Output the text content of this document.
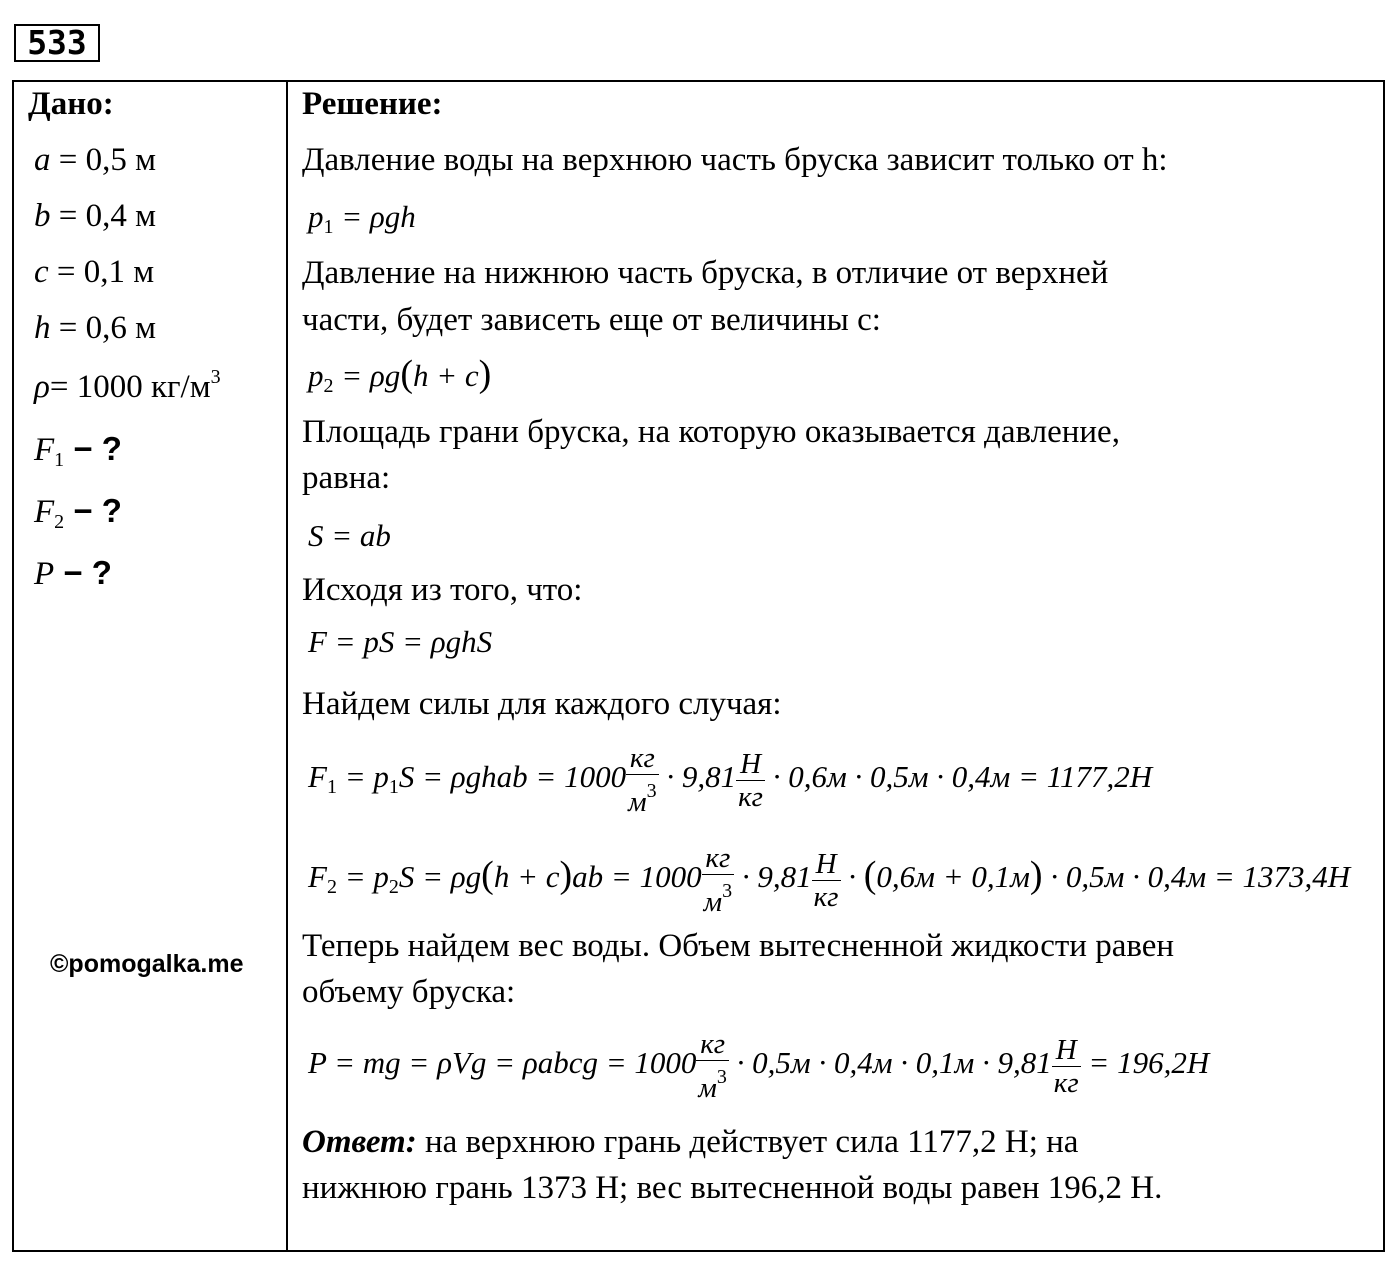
533
Дано:
a = 0,5 м
b = 0,4 м
c = 0,1 м
h = 0,6 м
ρ= 1000 $кг/м^3$
$F_1$ − ?
$F_2$ − ?
P − ?
©pomogalka.me
Решение:
Давление воды на верхнюю часть бруска зависит только от h:
$p_1 = \rho gh$
Давление на нижнюю часть бруска, в отличие от верхней
части, будет зависеть еще от величины с:
$p_2 = \rho g(h + c)$
Площадь грани бруска, на которую оказывается давление,
равна:
S = ab
Исходя из того, что:
F = pS = ρghS
Найдем силы для каждого случая:
$F_1 = p_1S$ = ρghab = $1000 \frac{кг}{м^3} \cdot 9,81 \frac{Н}{кг} \cdot 0,6м \cdot 0,5м \cdot 0,4м = 1177,2Н$
$F_2 = p_2S = \rho g(h + c)ab = 1000 \frac{кг}{м^3} \cdot 9,81 \frac{Н}{кг} \cdot (0,6м + 0,1м) \cdot 0,5м \cdot 0,4м = 1373,4Н$
Теперь найдем вес воды. Объем вытесненной жидкости равен
объему бруска:
P = mg = ρVg = ρabcg = $1000 \frac{кг}{м^3} \cdot 0,5м \cdot 0,4м \cdot 0,1м \cdot 9,81 \frac{Н}{кг} = 196,2Н$
Ответ: на верхнюю грань действует сила 1177,2 Н; на
нижнюю грань 1373 Н; вес вытесненной воды равен 196,2 Н.
